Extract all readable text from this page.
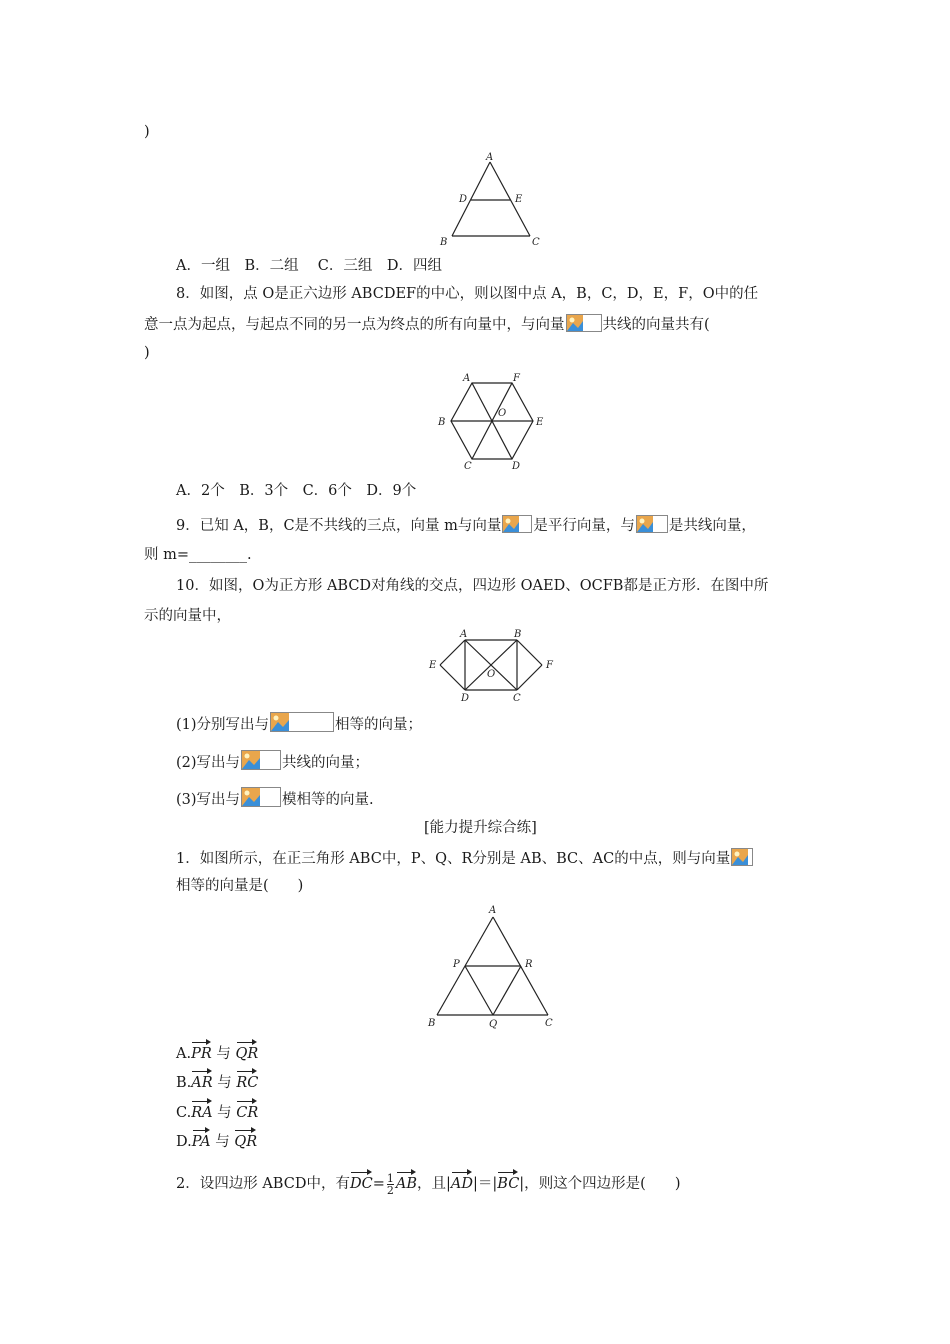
)
A
D	E
B	C
A．一组　B．二组　 C．三组　D．四组
8．如图，点 O是正六边形 ABCDEF的中心，则以图中点 A，B，C，D，E，F，O中的任
意一点为起点，与起点不同的另一点为终点的所有向量中，与向量	共线的向量共有(
)
A	F
B	E
O
C	D
A．2个　B．3个　C．6个　D．9个
9．已知 A，B，C是不共线的三点，向量 m与向量 是平行向量，与 是共线向量，
则 m=________.
10．如图，O为正方形 ABCD对角线的交点，四边形 OAED、OCFB都是正方形．在图中所
示的向量中，
A	B
E	F
O
D	C
(1)分别写出与	相等的向量；
(2)写出与	共线的向量；
(3)写出与	模相等的向量.
[能力提升综合练]
1．如图所示，在正三角形 ABC中，P、Q、R分别是 AB、BC、AC的中点，则与向量
相等的向量是(　　)
A
P	R
B	Q	C
A.PR 与 QR
B.AR 与 RC
C.RA 与 CR
D.PA 与 QR
2．设四边形 ABCD中，有$DC= \frac{1}{2}$ AB，且|AD|＝|BC|，则这个四边形是(　　)
